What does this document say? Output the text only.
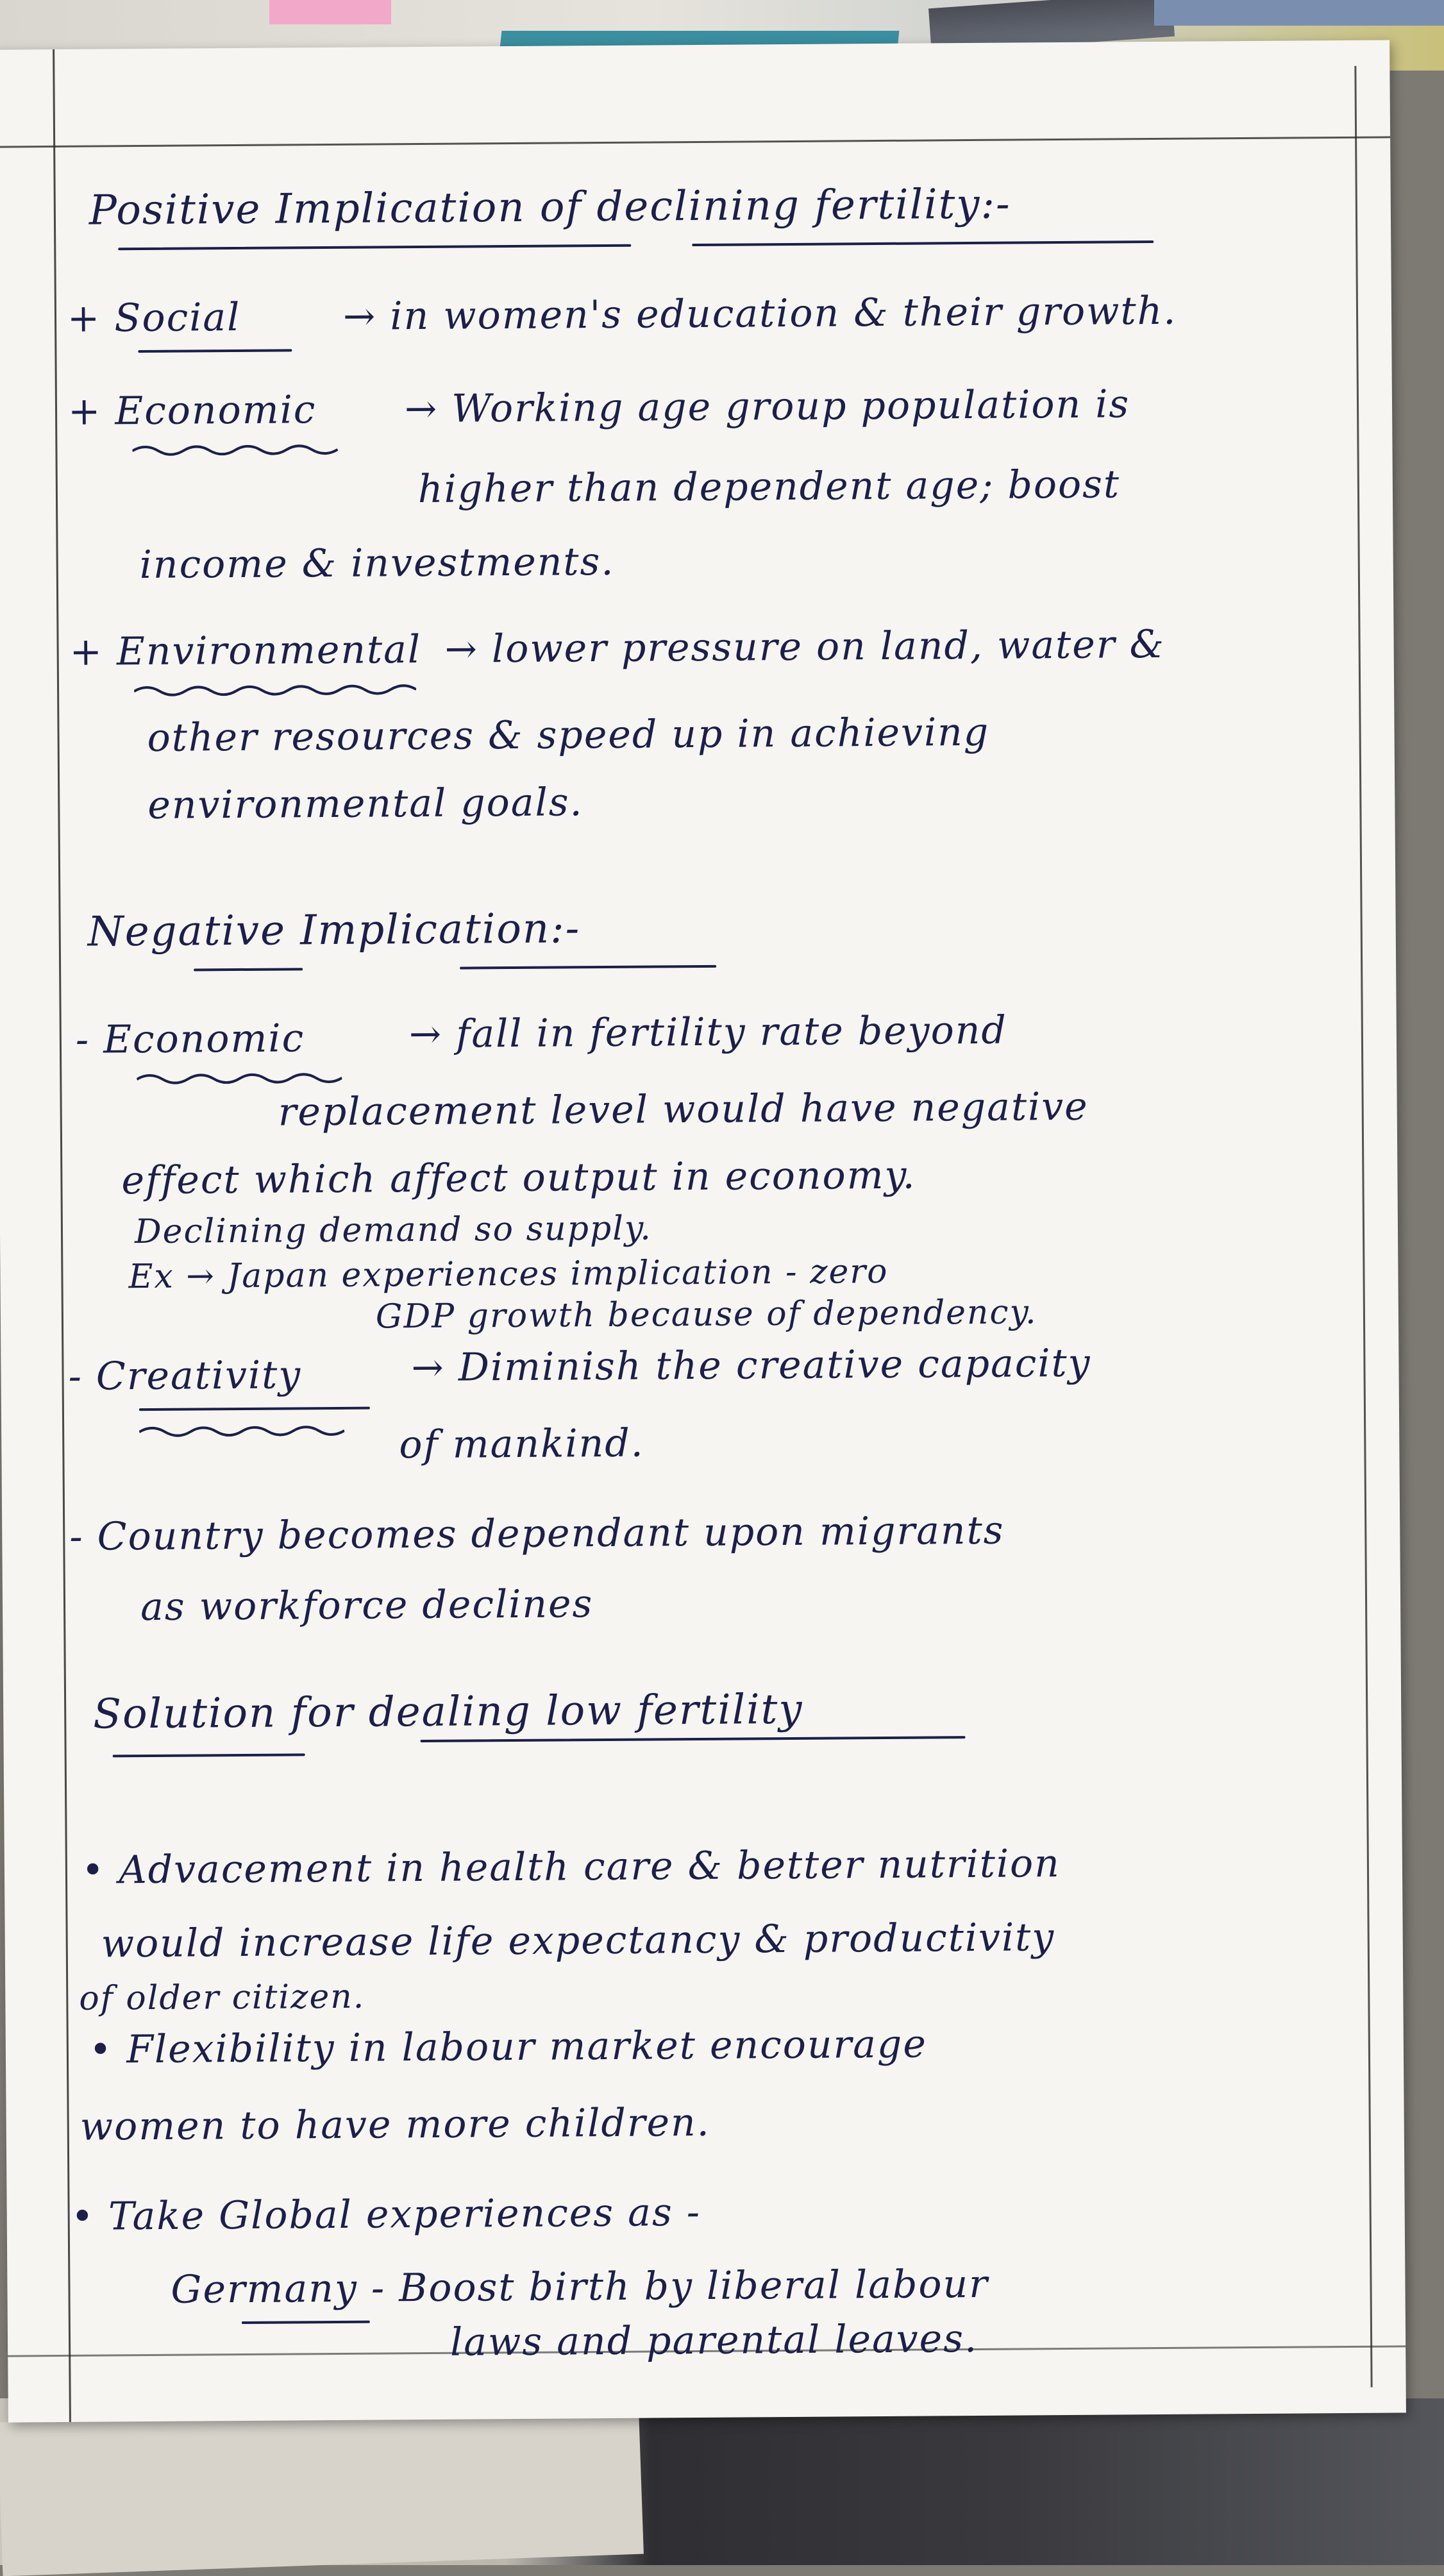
Positive Implication of declining fertility:-
+ Social	→ in women's education & their growth.
+ Economic → Working age group population is
higher than dependent age; boost
income & investments.
+ Environmental → lower pressure on land, water &
other resources & speed up in achieving
environmental goals.
Negative Implication:-
- Economic	→ fall in fertility rate beyond
replacement level would have negative
effect which affect output in economy.
Declining demand so supply.
Ex → Japan experiences implication - zero
GDP growth because of dependency.
- Creativity	→ Diminish the creative capacity
of mankind.
- Country becomes dependant upon migrants
as workforce declines
Solution for dealing low fertility
• Advacement in health care & better nutrition
would increase life expectancy & productivity
of older citizen.
• Flexibility in labour market encourage
women to have more children.
• Take Global experiences as -
Germany - Boost birth by liberal labour
laws and parental leaves.
